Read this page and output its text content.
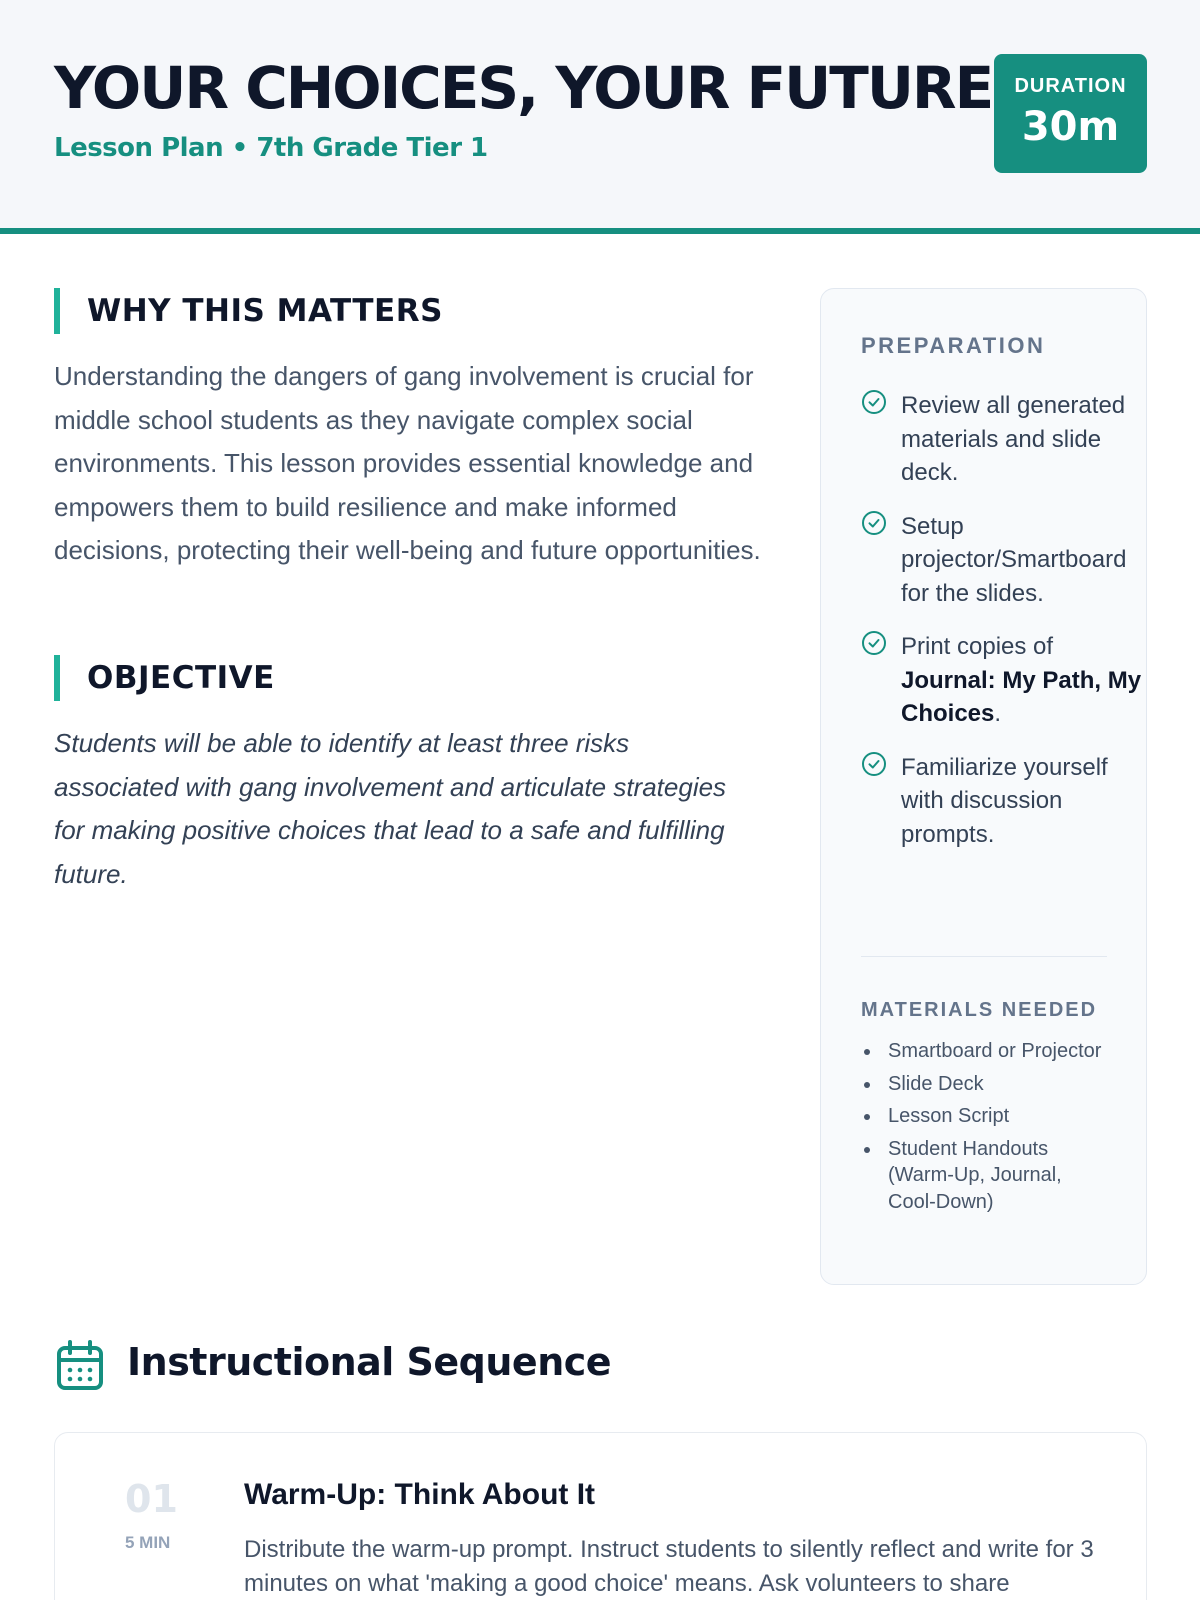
YOUR CHOICES, YOUR FUTURE
Lesson Plan • 7th Grade Tier 1
DURATION
30m
WHY THIS MATTERS

Understanding the dangers of gang involvement is crucial for middle school students as they navigate complex social environments. This lesson provides essential knowledge and empowers them to build resilience and make informed decisions, protecting their well-being and future opportunities.

OBJECTIVE

Students will be able to identify at least three risks associated with gang involvement and articulate strategies for making positive choices that lead to a safe and fulfilling future.

PREPARATION
Review all generated materials and slide deck.
Setup projector/Smartboard for the slides.
Print copies of Journal: My Path, My Choices.
Familiarize yourself with discussion prompts.
MATERIALS NEEDED
Smartboard or Projector
Slide Deck
Lesson Script
Student Handouts (Warm-Up, Journal, Cool-Down)
Instructional Sequence
01
5 MIN
Warm-Up: Think About It

Distribute the warm-up prompt. Instruct students to silently reflect and write for 3 minutes on what 'making a good choice' means. Ask volunteers to share
